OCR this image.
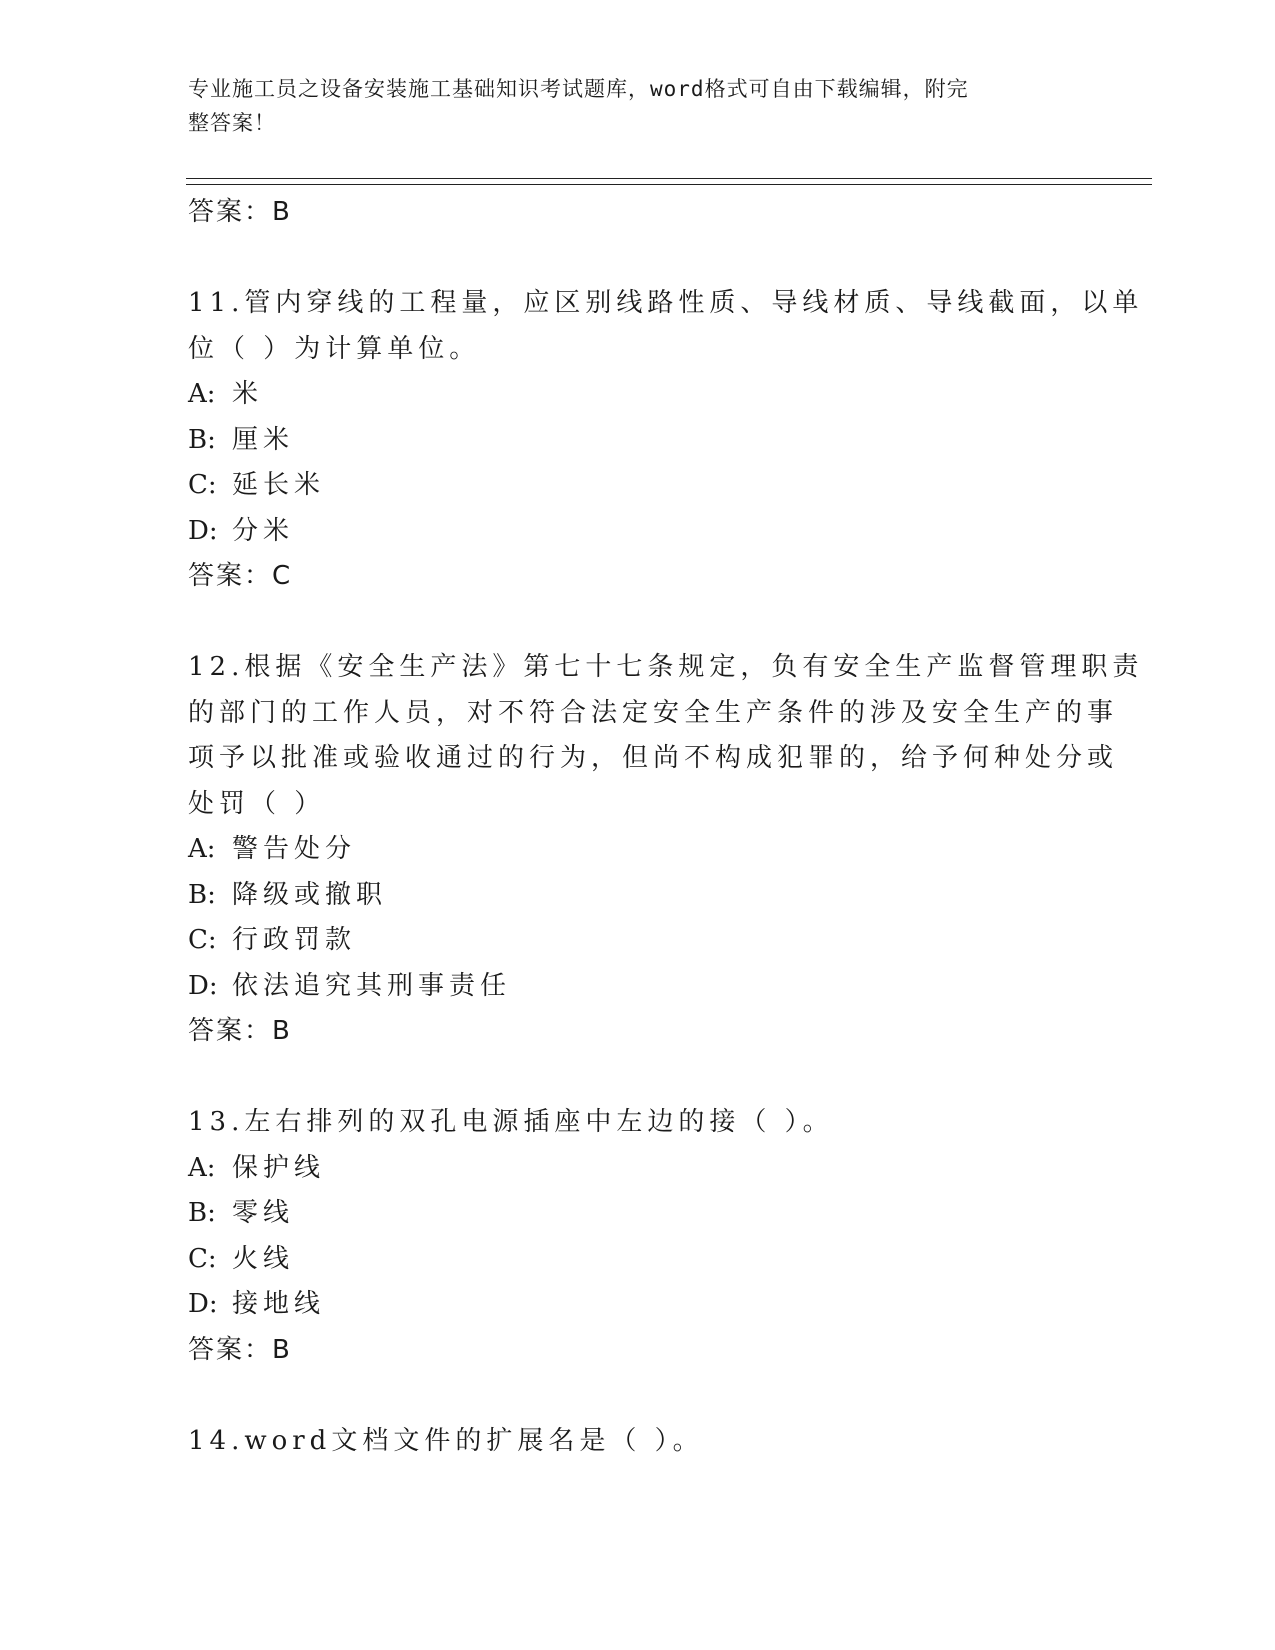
专业施工员之设备安装施工基础知识考试题库，word格式可自由下载编辑，附完
整答案！
答案：B
11.管内穿线的工程量，应区别线路性质、导线材质、导线截面，以单
位（ ）为计算单位。
A: 米
B: 厘米
C: 延长米
D: 分米
答案：C
12.根据《安全生产法》第七十七条规定，负有安全生产监督管理职责
的部门的工作人员，对不符合法定安全生产条件的涉及安全生产的事
项予以批准或验收通过的行为，但尚不构成犯罪的，给予何种处分或
处罚（ ）
A: 警告处分
B: 降级或撤职
C: 行政罚款
D: 依法追究其刑事责任
答案：B
13.左右排列的双孔电源插座中左边的接（ ）。
A: 保护线
B: 零线
C: 火线
D: 接地线
答案：B
14.word文档文件的扩展名是（ ）。
